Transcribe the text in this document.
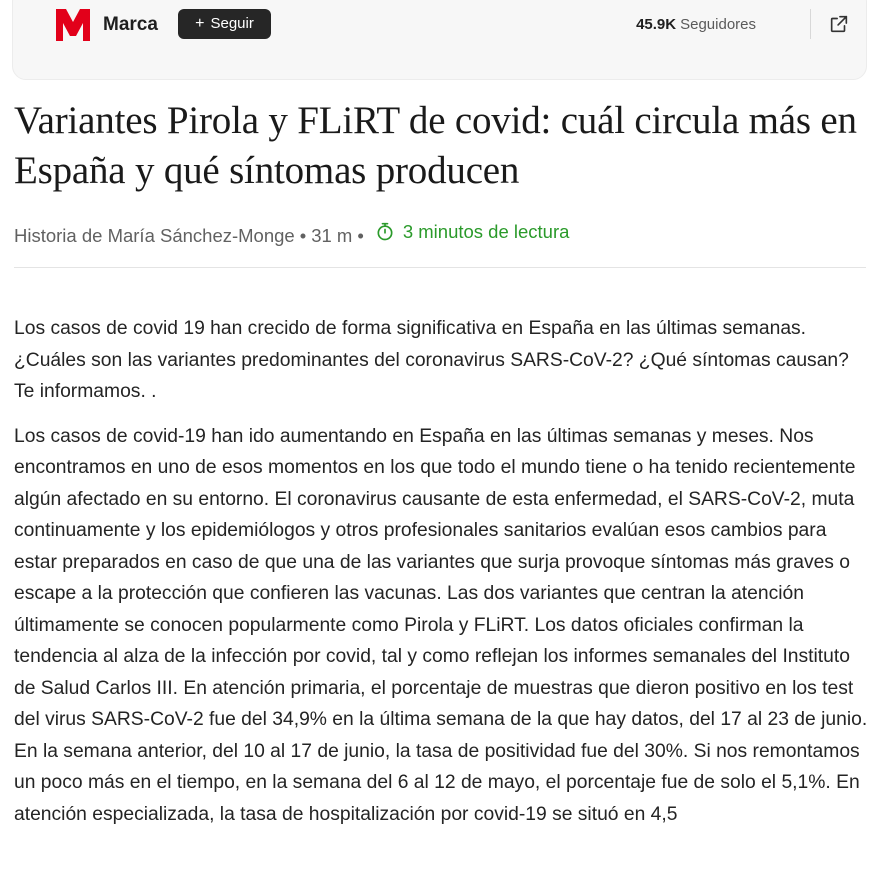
Marca	+ Seguir	45.9K Seguidores
Variantes Pirola y FLiRT de covid: cuál circula más en España y qué síntomas producen
Historia de María Sánchez-Monge • 31 m • 3 minutos de lectura

Los casos de covid 19 han crecido de forma significativa en España en las últimas semanas. ¿Cuáles son las variantes predominantes del coronavirus SARS-CoV-2? ¿Qué síntomas causan? Te informamos. .

Los casos de covid-19 han ido aumentando en España en las últimas semanas y meses. Nos encontramos en uno de esos momentos en los que todo el mundo tiene o ha tenido recientemente algún afectado en su entorno. El coronavirus causante de esta enfermedad, el SARS-CoV-2, muta continuamente y los epidemiólogos y otros profesionales sanitarios evalúan esos cambios para estar preparados en caso de que una de las variantes que surja provoque síntomas más graves o escape a la protección que confieren las vacunas. Las dos variantes que centran la atención últimamente se conocen popularmente como Pirola y FLiRT. Los datos oficiales confirman la tendencia al alza de la infección por covid, tal y como reflejan los informes semanales del Instituto de Salud Carlos III. En atención primaria, el porcentaje de muestras que dieron positivo en los test del virus SARS-CoV-2 fue del 34,9% en la última semana de la que hay datos, del 17 al 23 de junio. En la semana anterior, del 10 al 17 de junio, la tasa de positividad fue del 30%. Si nos remontamos un poco más en el tiempo, en la semana del 6 al 12 de mayo, el porcentaje fue de solo el 5,1%. En atención especializada, la tasa de hospitalización por covid-19 se situó en 4,5
